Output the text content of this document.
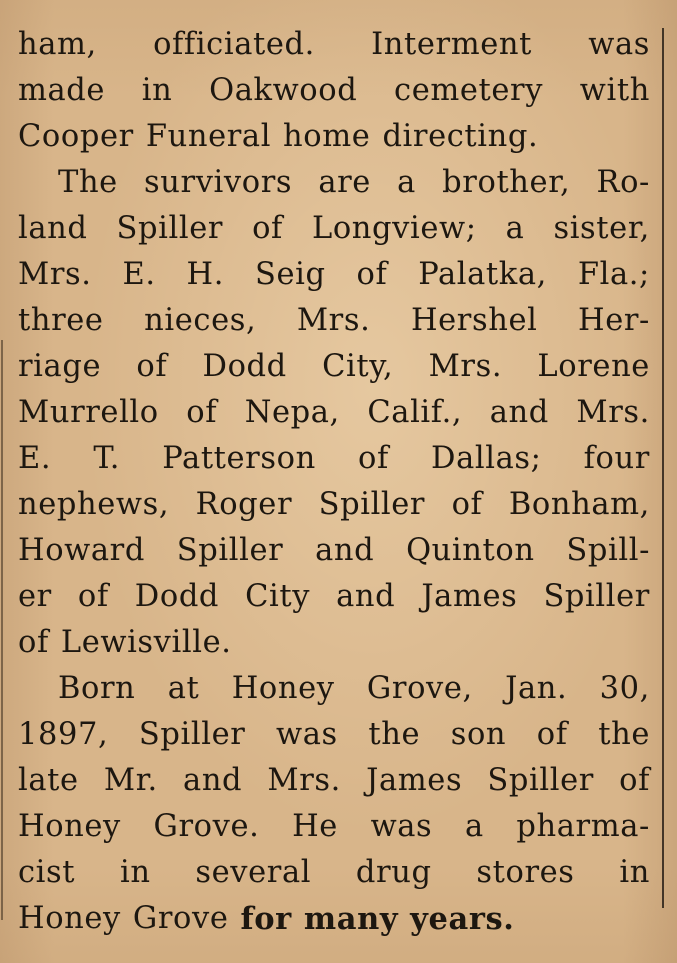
ham, officiated. Interment was
made in Oakwood cemetery with
Cooper Funeral home directing.
The survivors are a brother, Ro-
land Spiller of Longview; a sister,
Mrs. E. H. Seig of Palatka, Fla.;
three nieces, Mrs. Hershel Her-
riage of Dodd City, Mrs. Lorene
Murrello of Nepa, Calif., and Mrs.
E. T. Patterson of Dallas; four
nephews, Roger Spiller of Bonham,
Howard Spiller and Quinton Spill-
er of Dodd City and James Spiller
of Lewisville.
Born at Honey Grove, Jan. 30,
1897, Spiller was the son of the
late Mr. and Mrs. James Spiller of
Honey Grove. He was a pharma-
cist in several drug stores in
Honey Grove for many years.
